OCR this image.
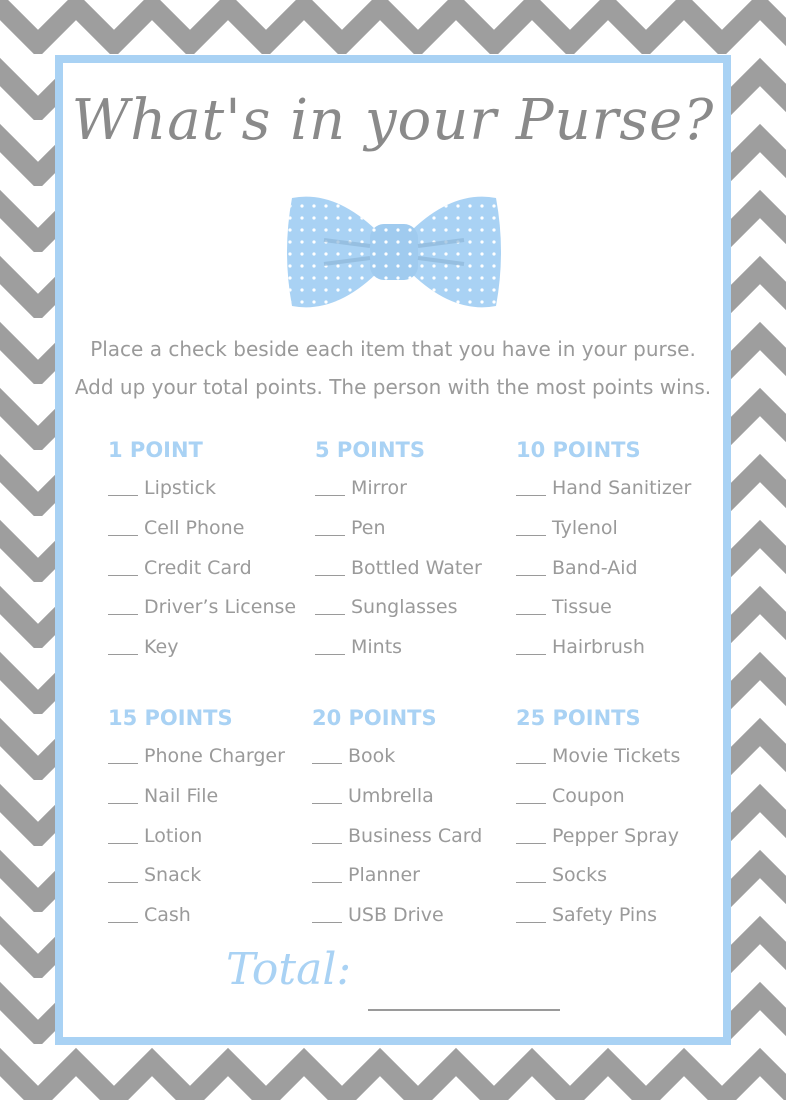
What's in your Purse?
Place a check beside each item that you have in your purse.
Add up your total points. The person with the most points wins.
1 POINT
Lipstick
Cell Phone
Credit Card
Driver’s License
Key
5 POINTS
Mirror
Pen
Bottled Water
Sunglasses
Mints
10 POINTS
Hand Sanitizer
Tylenol
Band-Aid
Tissue
Hairbrush
15 POINTS
Phone Charger
Nail File
Lotion
Snack
Cash
20 POINTS
Book
Umbrella
Business Card
Planner
USB Drive
25 POINTS
Movie Tickets
Coupon
Pepper Spray
Socks
Safety Pins
Total:
